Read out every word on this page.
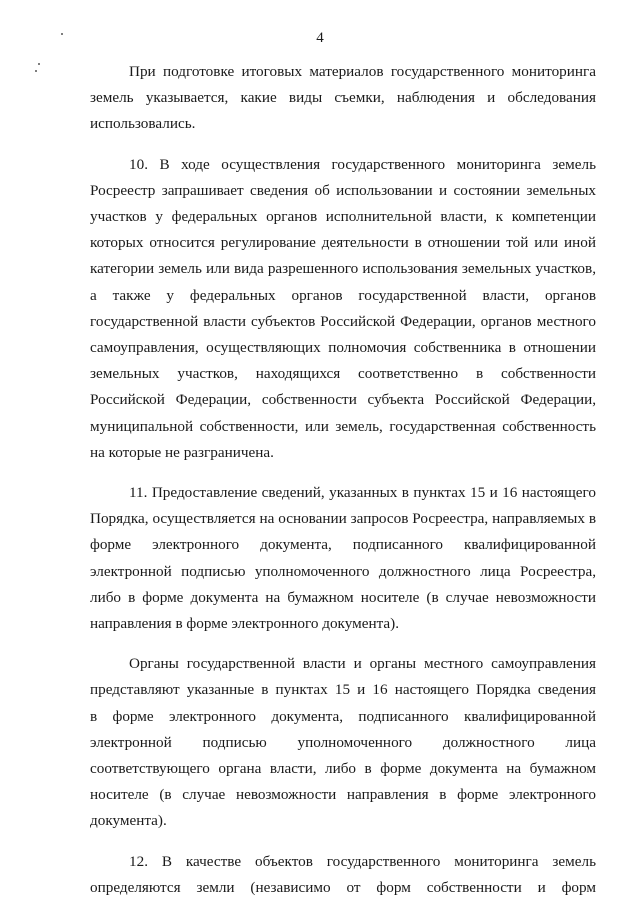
4

При подготовке итоговых материалов государственного мониторинга
земель указывается, какие виды съемки, наблюдения и обследования
использовались.

10. В ходе осуществления государственного мониторинга земель
Росреестр запрашивает сведения об использовании и состоянии земельных
участков у федеральных органов исполнительной власти, к компетенции
которых относится регулирование деятельности в отношении той или иной
категории земель или вида разрешенного использования земельных участков,
а также у федеральных органов государственной власти, органов
государственной власти субъектов Российской Федерации, органов местного
самоуправления, осуществляющих полномочия собственника в отношении
земельных участков, находящихся соответственно в собственности
Российской Федерации, собственности субъекта Российской Федерации,
муниципальной собственности, или земель, государственная собственность
на которые не разграничена.

11. Предоставление сведений, указанных в пунктах 15 и 16 настоящего
Порядка, осуществляется на основании запросов Росреестра, направляемых в
форме электронного документа, подписанного квалифицированной
электронной подписью уполномоченного должностного лица Росреестра,
либо в форме документа на бумажном носителе (в случае невозможности
направления в форме электронного документа).

Органы государственной власти и органы местного самоуправления
представляют указанные в пунктах 15 и 16 настоящего Порядка сведения
в форме электронного документа, подписанного квалифицированной
электронной подписью уполномоченного должностного лица
соответствующего органа власти, либо в форме документа на бумажном
носителе (в случае невозможности направления в форме электронного
документа).

12. В качестве объектов государственного мониторинга земель
определяются земли (независимо от форм собственности и форм
